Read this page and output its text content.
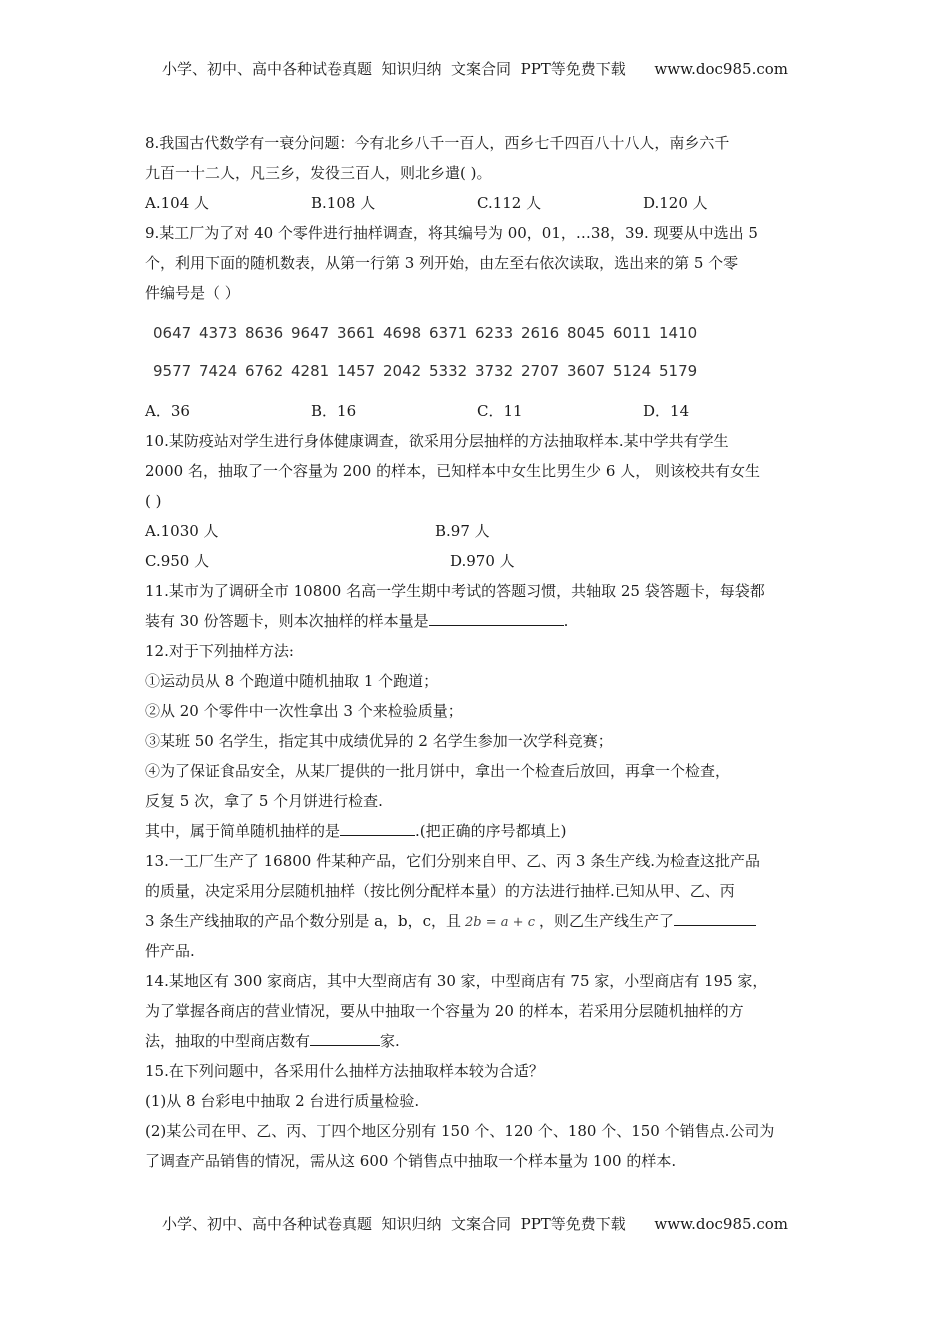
小学、初中、高中各种试卷真题  知识归纳  文案合同  PPT等免费下载      www.doc985.com
8.我国古代数学有一衰分问题：今有北乡八千一百人，西乡七千四百八十八人，南乡六千
九百一十二人，凡三乡，发役三百人，则北乡遣( )。
A.104 人	B.108 人	C.112 人	D.120 人
9.某工厂为了对 40 个零件进行抽样调查，将其编号为 00，01，…38，39. 现要从中选出 5
个，利用下面的随机数表，从第一行第 3 列开始，由左至右依次读取，选出来的第 5 个零
件编号是（ ）
0647 4373 8636 9647 3661 4698 6371 6233 2616 8045 6011 1410
9577 7424 6762 4281 1457 2042 5332 3732 2707 3607 5124 5179
A．36	B．16	C．11	D．14
10.某防疫站对学生进行身体健康调查，欲采用分层抽样的方法抽取样本.某中学共有学生
2000 名，抽取了一个容量为 200 的样本，已知样本中女生比男生少 6 人， 则该校共有女生
( )
A.1030 人	B.97 人
C.950 人	D.970 人
11.某市为了调研全市 10800 名高一学生期中考试的答题习惯，共轴取 25 袋答题卡，每袋都
装有 30 份答题卡，则本次抽样的样本量是	.
12.对于下列抽样方法:
①运动员从 8 个跑道中随机抽取 1 个跑道；
②从 20 个零件中一次性拿出 3 个来检验质量；
③某班 50 名学生，指定其中成绩优异的 2 名学生参加一次学科竞赛；
④为了保证食品安全，从某厂提供的一批月饼中，拿出一个检查后放回，再拿一个检查，
反复 5 次，拿了 5 个月饼进行检查.
其中，属于简单随机抽样的是	.(把正确的序号都填上)
13.一工厂生产了 16800 件某种产品，它们分别来自甲、乙、丙 3 条生产线.为检查这批产品
的质量，决定采用分层随机抽样（按比例分配样本量）的方法进行抽样.已知从甲、乙、丙
3 条生产线抽取的产品个数分别是 a，b，c，且 2b = a + c ，则乙生产线生产了
件产品.
14.某地区有 300 家商店，其中大型商店有 30 家，中型商店有 75 家，小型商店有 195 家，
为了掌握各商店的营业情况，要从中抽取一个容量为 20 的样本，若采用分层随机抽样的方
法，抽取的中型商店数有	家.
15.在下列问题中，各采用什么抽样方法抽取样本较为合适？
(1)从 8 台彩电中抽取 2 台进行质量检验.
(2)某公司在甲、乙、丙、丁四个地区分别有 150 个、120 个、180 个、150 个销售点.公司为
了调查产品销售的情况，需从这 600 个销售点中抽取一个样本量为 100 的样本.
小学、初中、高中各种试卷真题  知识归纳  文案合同  PPT等免费下载      www.doc985.com
